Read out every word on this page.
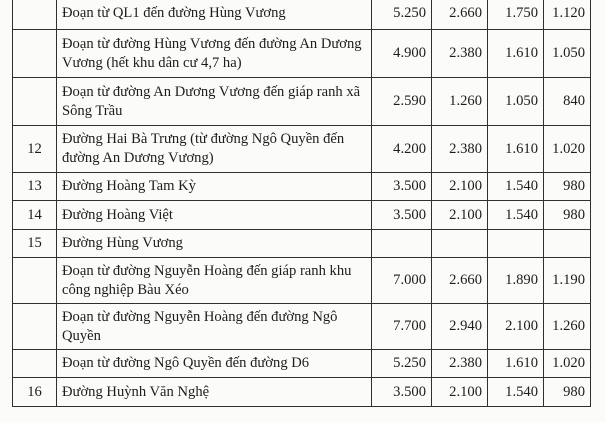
	Đoạn từ QL1 đến đường Hùng Vương	5.250	2.660	1.750	1.120
	Đoạn từ đường Hùng Vương đến đường An Dương Vương (hết khu dân cư 4,7 ha)	4.900	2.380	1.610	1.050
	Đoạn từ đường An Dương Vương đến giáp ranh xã Sông Trầu	2.590	1.260	1.050	840
12	Đường Hai Bà Trưng (từ đường Ngô Quyền đến đường An Dương Vương)	4.200	2.380	1.610	1.020
13	Đường Hoàng Tam Kỳ	3.500	2.100	1.540	980
14	Đường Hoàng Việt	3.500	2.100	1.540	980
15	Đường Hùng Vương				
	Đoạn từ đường Nguyễn Hoàng đến giáp ranh khu công nghiệp Bàu Xéo	7.000	2.660	1.890	1.190
	Đoạn từ đường Nguyễn Hoàng đến đường Ngô Quyền	7.700	2.940	2.100	1.260
	Đoạn từ đường Ngô Quyền đến đường D6	5.250	2.380	1.610	1.020
16	Đường Huỳnh Văn Nghệ	3.500	2.100	1.540	980
